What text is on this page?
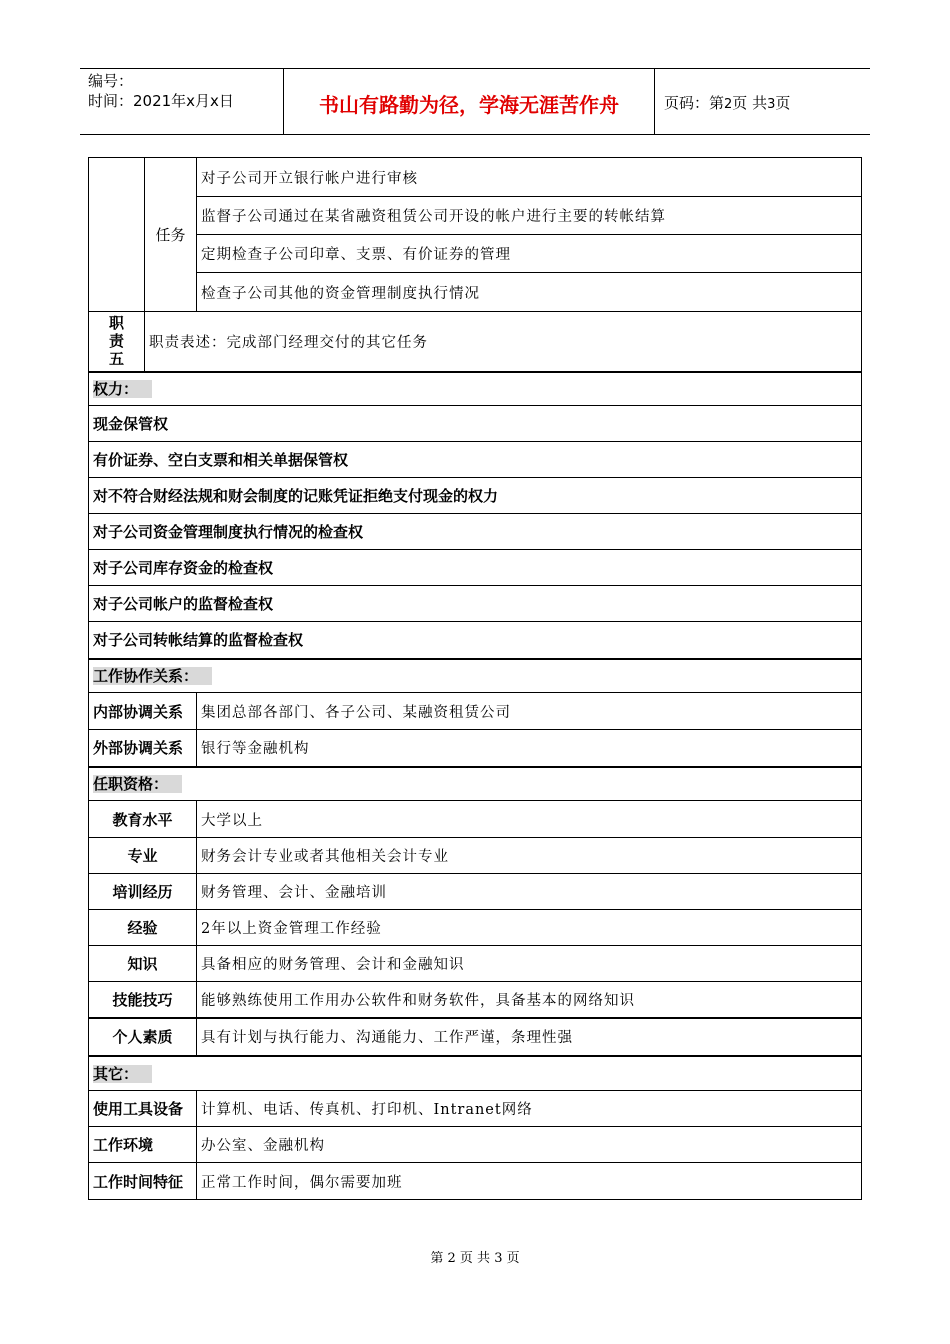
编号：
时间：2021年x月x日	书山有路勤为径，学海无涯苦作舟	页码：第2页 共3页
	任务	对子公司开立银行帐户进行审核
		监督子公司通过在某省融资租赁公司开设的帐户进行主要的转帐结算
		定期检查子公司印章、支票、有价证券的管理
		检查子公司其他的资金管理制度执行情况

职
责
五	职责表述：完成部门经理交付的其它任务	
权力：		
现金保管权		
有价证券、空白支票和相关单据保管权		
对不符合财经法规和财会制度的记账凭证拒绝支付现金的权力		
对子公司资金管理制度执行情况的检查权		
对子公司库存资金的检查权		
对子公司帐户的监督检查权		
对子公司转帐结算的监督检查权		
工作协作关系：		
内部协调关系		集团总部各部门、各子公司、某融资租赁公司
外部协调关系		银行等金融机构
任职资格：		
教育水平		大学以上
专业		财务会计专业或者其他相关会计专业
培训经历		财务管理、会计、金融培训
经验		2年以上资金管理工作经验
知识		具备相应的财务管理、会计和金融知识
技能技巧		能够熟练使用工作用办公软件和财务软件，具备基本的网络知识
个人素质		具有计划与执行能力、沟通能力、工作严谨，条理性强
其它：		
使用工具设备		计算机、电话、传真机、打印机、Intranet网络
工作环境		办公室、金融机构
工作时间特征		正常工作时间，偶尔需要加班
第 2 页 共 3 页
